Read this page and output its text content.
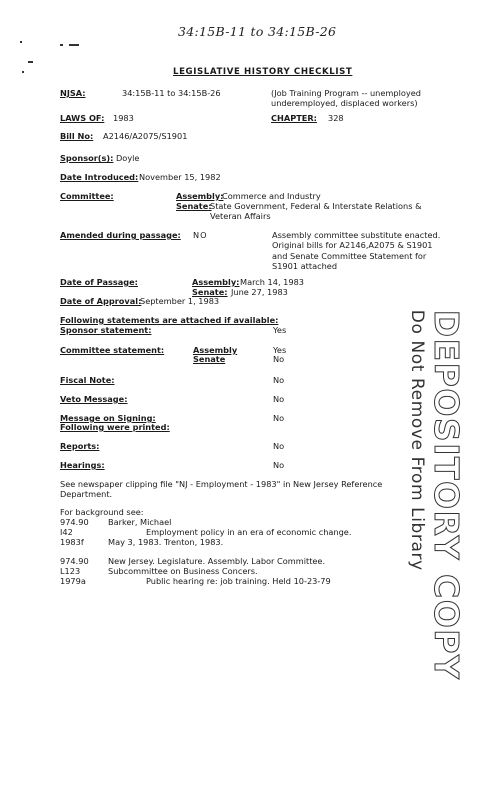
34:15B-11 to 34:15B-26
LEGISLATIVE HISTORY CHECKLIST
NJSA:	34:15B-11 to 34:15B-26	(Job Training Program -- unemployed underemployed, displaced workers)
LAWS OF: 1983	CHAPTER: 328
Bill No: A2146/A2075/S1901
Sponsor(s): Doyle
Date Introduced: November 15, 1982
Committee:	Assembly:
Commerce and Industry
Senate:
State Government, Federal & Interstate Relations & Veteran Affairs
Amended during passage: NO	Assembly committee substitute enacted. Original bills for A2146,A2075 & S1901 and Senate Committee Statement for S1901 attached
Date of Passage:	Assembly: March 14, 1983
Senate: June 27, 1983
Date of Approval:
September 1, 1983
Following statements are attached if available:
Sponsor statement:	Yes
Committee statement:	Assembly	Yes
Senate	No
Fiscal Note:	No
Veto Message:	No
Message on Signing:	No
Following were printed:
Reports:	No
Hearings:	No
See newspaper clipping file "NJ - Employment - 1983" in New Jersey Reference Department.
For background see:
974.90 Barker, Michael
I42	Employment policy in an era of economic change.
1983f	May 3, 1983. Trenton, 1983.
974.90 New Jersey. Legislature. Assembly. Labor Committee.
L123	Subcommittee on Business Concers.
1979a	Public hearing re: job training. Held 10-23-79	DEPOSITORY COPY
Do Not Remove From Library
